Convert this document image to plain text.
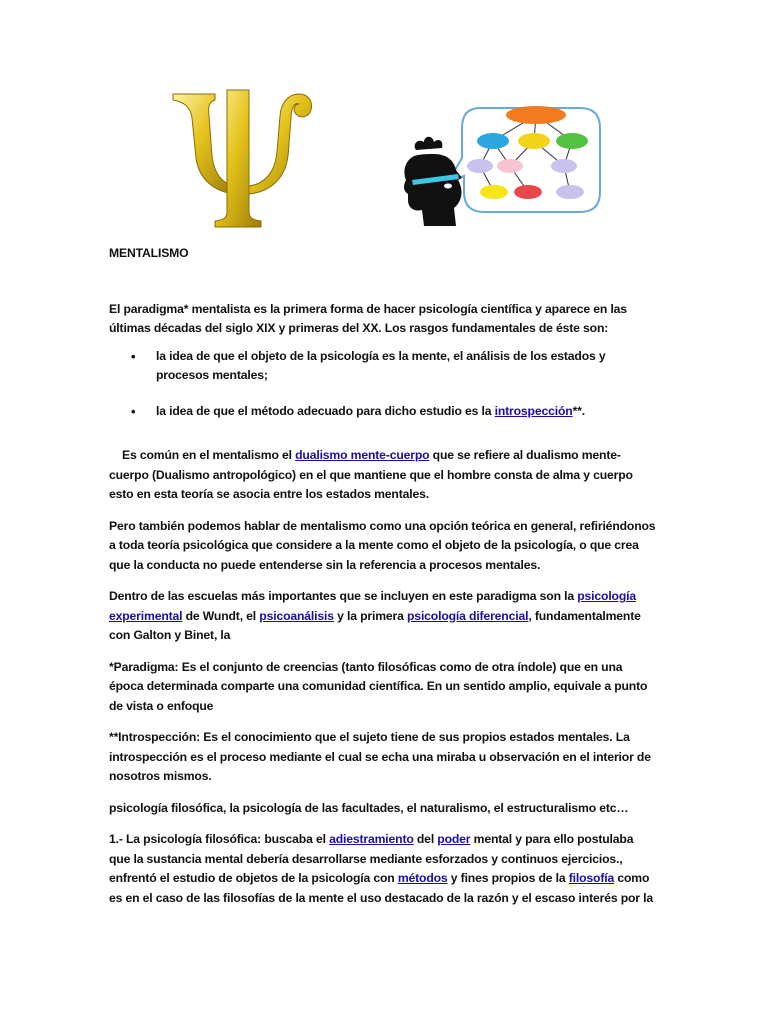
MENTALISMO

El paradigma* mentalista es la primera forma de hacer psicología científica y aparece en las últimas décadas del siglo XIX y primeras del XX. Los rasgos fundamentales de éste son:

• la idea de que el objeto de la psicología es la mente, el análisis de los estados y procesos mentales;
• la idea de que el método adecuado para dicho estudio es la introspección**.

Es común en el mentalismo el dualismo mente-cuerpo que se refiere al dualismo mente-cuerpo (Dualismo antropológico) en el que mantiene que el hombre consta de alma y cuerpo esto en esta teoría se asocia entre los estados mentales.

Pero también podemos hablar de mentalismo como una opción teórica en general, refiriéndonos a toda teoría psicológica que considere a la mente como el objeto de la psicología, o que crea que la conducta no puede entenderse sin la referencia a procesos mentales.

Dentro de las escuelas más importantes que se incluyen en este paradigma son la psicología experimental de Wundt, el psicoanálisis y la primera psicología diferencial, fundamentalmente con Galton y Binet, la

*Paradigma: Es el conjunto de creencias (tanto filosóficas como de otra índole) que en una época determinada comparte una comunidad científica. En un sentido amplio, equivale a punto de vista o enfoque

**Introspección: Es el conocimiento que el sujeto tiene de sus propios estados mentales. La introspección es el proceso mediante el cual se echa una miraba u observación en el interior de nosotros mismos.

psicología filosófica, la psicología de las facultades, el naturalismo, el estructuralismo etc…

1.- La psicología filosófica: buscaba el adiestramiento del poder mental y para ello postulaba que la sustancia mental debería desarrollarse mediante esforzados y continuos ejercicios., enfrentó el estudio de objetos de la psicología con métodos y fines propios de la filosofía como es en el caso de las filosofías de la mente el uso destacado de la razón y el escaso interés por la
